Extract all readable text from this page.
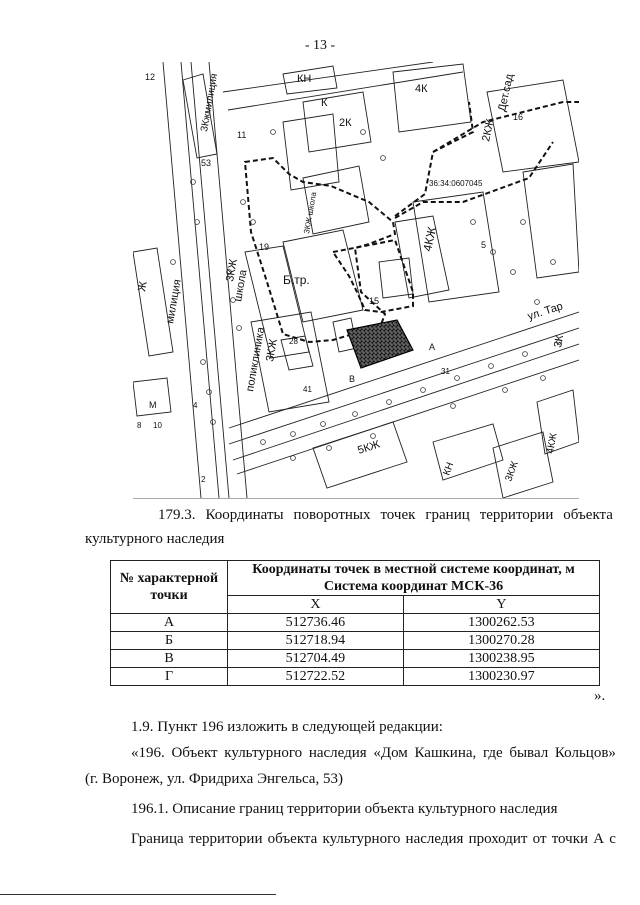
- 13 -
КН
К
2К
4К	Дет.сад
2КЖ
3Кжмилиция
12
53
11
16
36:34:0607045
3КЖ школа
19
3КЖ
школа	Б.тр.
4КЖ	5
15
Ж милиция
3КЖ
поликлиника	28
41
А
В
ул. Тар
3К
31
4
5КЖ
КН	3КЖ
4КЖ
М
8 10
2

179.3. Координаты поворотных точек границ территории объекта

культурного наследия

№ характерной точки	Координаты точек в местной системе координат, м
Система координат МСК-36	

	X	Y
А	512736.46	1300262.53
Б	512718.94	1300270.28
В	512704.49	1300238.95
Г	512722.52	1300230.97
».

1.9. Пункт 196 изложить в следующей редакции:

«196. Объект культурного наследия «Дом Кашкина, где бывал Кольцов»

(г. Воронеж, ул. Фридриха Энгельса, 53)

196.1. Описание границ территории объекта культурного наследия

Граница территории объекта культурного наследия проходит от точки А с
